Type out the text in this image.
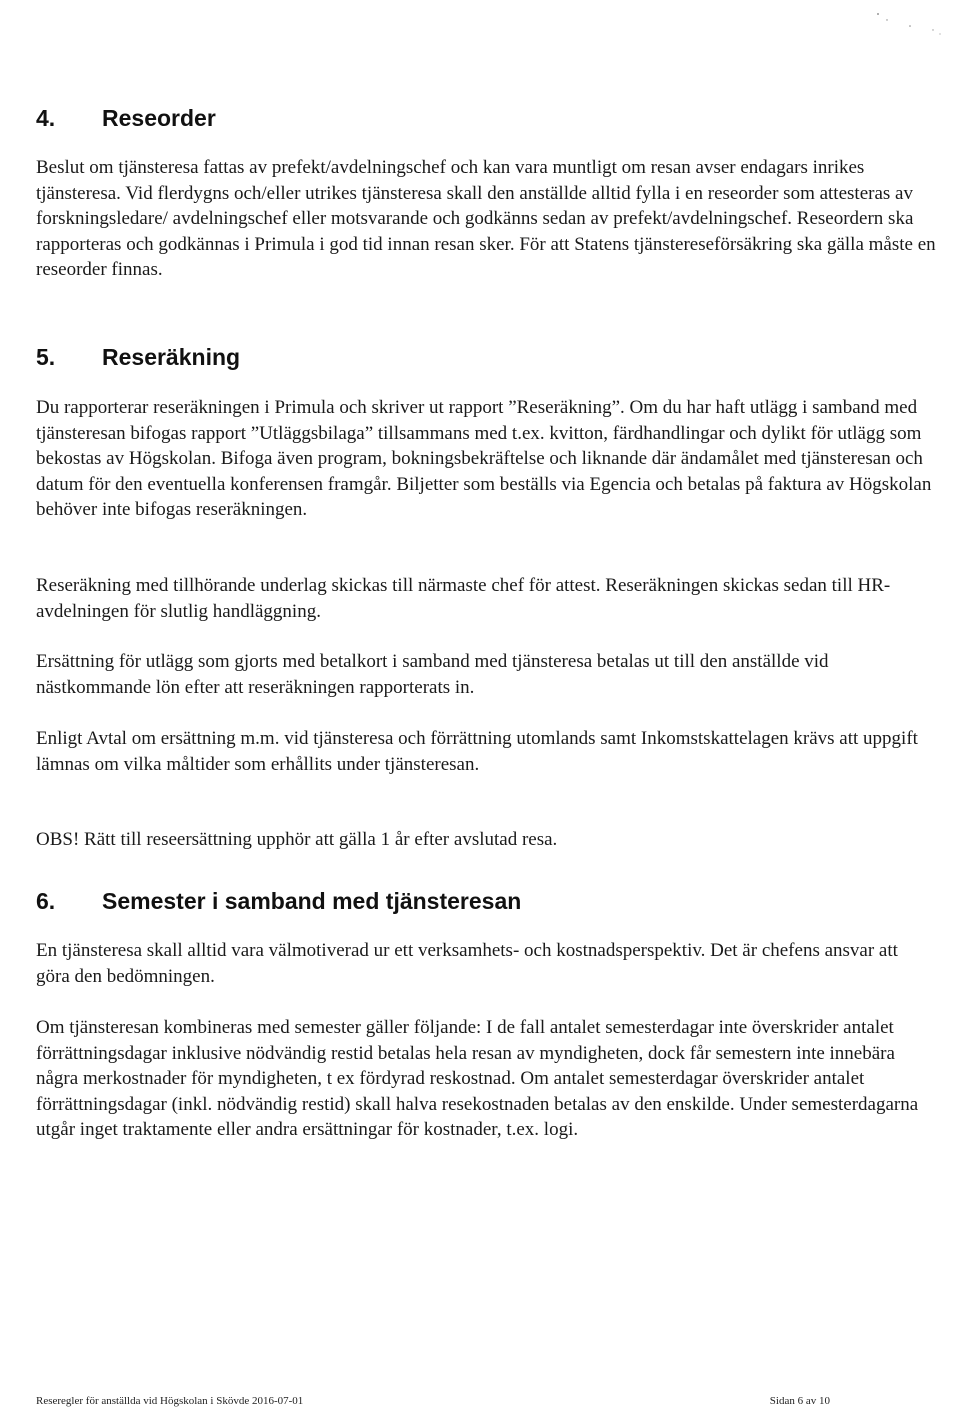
4. Reseorder

Beslut om tjänsteresa fattas av prefekt/avdelningschef och kan vara muntligt om resan avser endagars inrikes tjänsteresa. Vid flerdygns och/eller utrikes tjänsteresa skall den anställde alltid fylla i en reseorder som attesteras av forskningsledare/ avdelningschef eller motsvarande och godkänns sedan av prefekt/avdelningschef. Reseordern ska rapporteras och godkännas i Primula i god tid innan resan sker. För att Statens tjänstereseförsäkring ska gälla måste en reseorder finnas.

5. Reseräkning

Du rapporterar reseräkningen i Primula och skriver ut rapport ”Reseräkning”. Om du har haft utlägg i samband med tjänsteresan bifogas rapport ”Utläggsbilaga” tillsammans med t.ex. kvitton, färdhandlingar och dylikt för utlägg som bekostas av Högskolan. Bifoga även program, bokningsbekräftelse och liknande där ändamålet med tjänsteresan och datum för den eventuella konferensen framgår. Biljetter som beställs via Egencia och betalas på faktura av Högskolan behöver inte bifogas reseräkningen.

Reseräkning med tillhörande underlag skickas till närmaste chef för attest. Reseräkningen skickas sedan till HR-avdelningen för slutlig handläggning.

Ersättning för utlägg som gjorts med betalkort i samband med tjänsteresa betalas ut till den anställde vid nästkommande lön efter att reseräkningen rapporterats in.

Enligt Avtal om ersättning m.m. vid tjänsteresa och förrättning utomlands samt Inkomstskattelagen krävs att uppgift lämnas om vilka måltider som erhållits under tjänsteresan.

OBS! Rätt till reseersättning upphör att gälla 1 år efter avslutad resa.

6. Semester i samband med tjänsteresan

En tjänsteresa skall alltid vara välmotiverad ur ett verksamhets- och kostnadsperspektiv. Det är chefens ansvar att göra den bedömningen.

Om tjänsteresan kombineras med semester gäller följande: I de fall antalet semesterdagar inte överskrider antalet förrättningsdagar inklusive nödvändig restid betalas hela resan av myndigheten, dock får semestern inte innebära några merkostnader för myndigheten, t ex fördyrad reskostnad. Om antalet semesterdagar överskrider antalet förrättningsdagar (inkl. nödvändig restid) skall halva resekostnaden betalas av den enskilde. Under semesterdagarna utgår inget traktamente eller andra ersättningar för kostnader, t.ex. logi.

Reseregler för anställda vid Högskolan i Skövde 2016-07-01	Sidan 6 av 10
